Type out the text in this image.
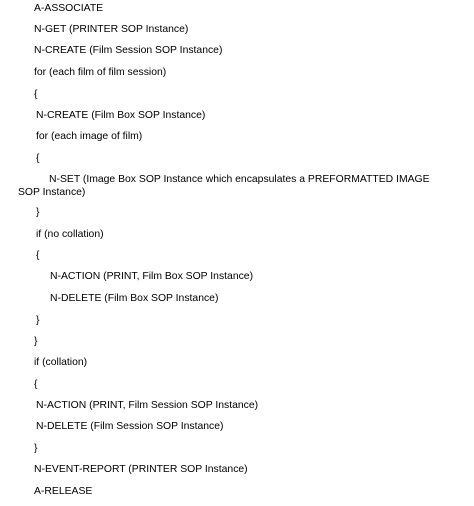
A-ASSOCIATE
N-GET (PRINTER SOP Instance)
N-CREATE (Film Session SOP Instance)
for (each film of film session)
{
N-CREATE (Film Box SOP Instance)
for (each image of film)
{
N-SET (Image Box SOP Instance which encapsulates a PREFORMATTED IMAGE SOP Instance)
}
if (no collation)
{
N-ACTION (PRINT, Film Box SOP Instance)
N-DELETE (Film Box SOP Instance)
}
}
if (collation)
{
N-ACTION (PRINT, Film Session SOP Instance)
N-DELETE (Film Session SOP Instance)
}
N-EVENT-REPORT (PRINTER SOP Instance)
A-RELEASE
